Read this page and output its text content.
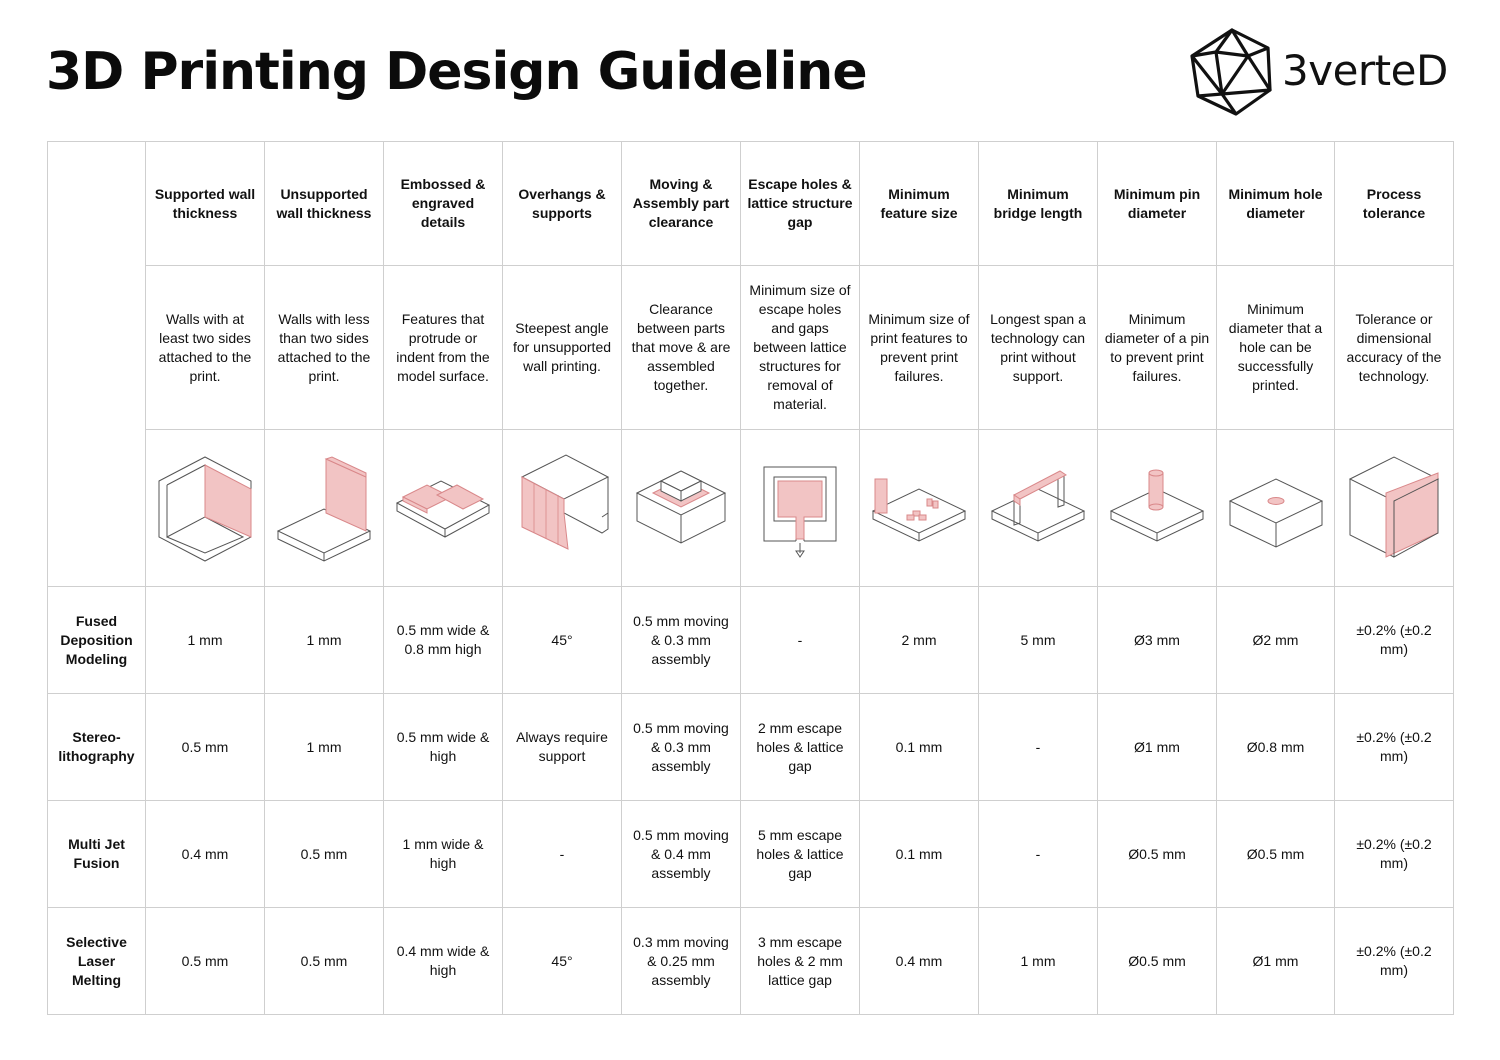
3D Printing Design Guideline	3verteD
	Supported wall thickness	Unsupported wall thickness	Embossed & engraved details	Overhangs & supports	Moving & Assembly part clearance	Escape holes & lattice structure gap	Minimum feature size	Minimum bridge length	Minimum pin diameter	Minimum hole diameter	Process tolerance
	Walls with at least two sides attached to the print.	Walls with less than two sides attached to the print.	Features that protrude or indent from the model surface.	Steepest angle for unsupported wall printing.	Clearance between parts that move & are assembled together.	Minimum size of escape holes and gaps between lattice structures for removal of material.	Minimum size of print features to prevent print failures.	Longest span a technology can print without support.	Minimum diameter of a pin to prevent print failures.	Minimum diameter that a hole can be successfully printed.	Tolerance or dimensional accuracy of the technology.

Fused Deposition Modeling	1 mm	1 mm	0.5 mm wide & 0.8 mm high	45°	0.5 mm moving & 0.3 mm assembly	-	2 mm	5 mm	Ø3 mm	Ø2 mm	±0.2% (±0.2 mm)
Stereo-lithography	0.5 mm	1 mm	0.5 mm wide & high	Always require support	0.5 mm moving & 0.3 mm assembly	2 mm escape holes & lattice gap	0.1 mm	-	Ø1 mm	Ø0.8 mm	±0.2% (±0.2 mm)
Multi Jet Fusion	0.4 mm	0.5 mm	1 mm wide & high	-	0.5 mm moving & 0.4 mm assembly	5 mm escape holes & lattice gap	0.1 mm	-	Ø0.5 mm	Ø0.5 mm	±0.2% (±0.2 mm)
Selective Laser Melting	0.5 mm	0.5 mm	0.4 mm wide & high	45°	0.3 mm moving & 0.25 mm assembly	3 mm escape holes & 2 mm lattice gap	0.4 mm	1 mm	Ø0.5 mm	Ø1 mm	±0.2% (±0.2 mm)
